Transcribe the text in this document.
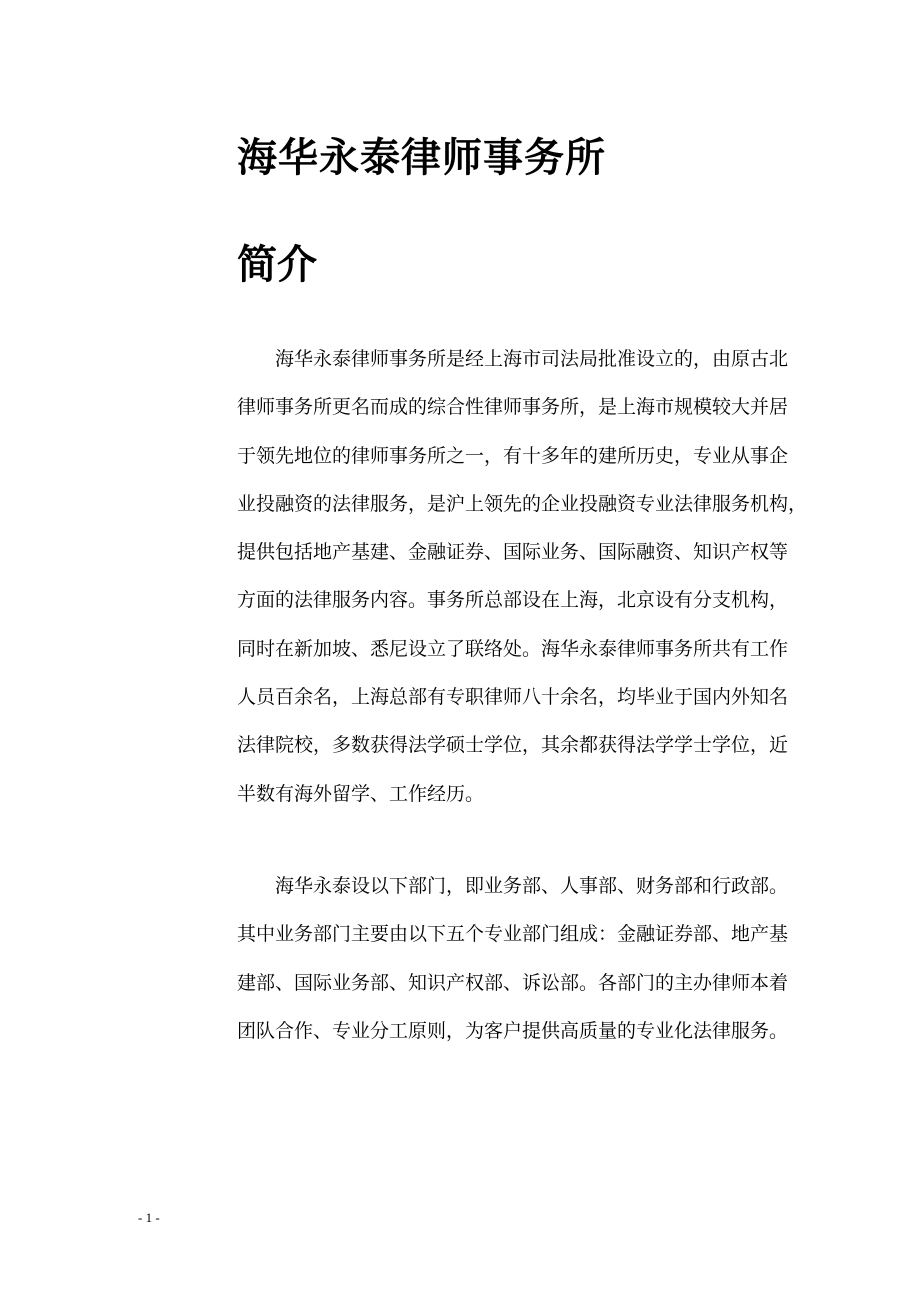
海华永泰律师事务所
简介
海华永泰律师事务所是经上海市司法局批准设立的，由原古北
律师事务所更名而成的综合性律师事务所，是上海市规模较大并居
于领先地位的律师事务所之一，有十多年的建所历史，专业从事企
业投融资的法律服务，是沪上领先的企业投融资专业法律服务机构，
提供包括地产基建、金融证券、国际业务、国际融资、知识产权等
方面的法律服务内容。事务所总部设在上海，北京设有分支机构，
同时在新加坡、悉尼设立了联络处。海华永泰律师事务所共有工作
人员百余名，上海总部有专职律师八十余名，均毕业于国内外知名
法律院校，多数获得法学硕士学位，其余都获得法学学士学位，近
半数有海外留学、工作经历。
海华永泰设以下部门，即业务部、人事部、财务部和行政部。
其中业务部门主要由以下五个专业部门组成：金融证券部、地产基
建部、国际业务部、知识产权部、诉讼部。各部门的主办律师本着
团队合作、专业分工原则，为客户提供高质量的专业化法律服务。
- 1 -
